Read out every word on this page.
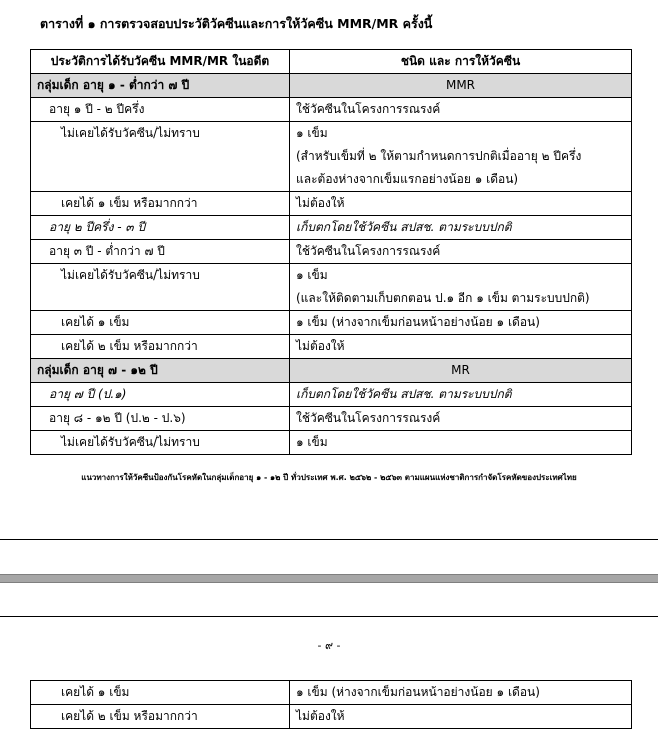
ตารางที่ ๑ การตรวจสอบประวัติวัคซีนและการให้วัคซีน MMR/MR ครั้งนี้
ประวัติการได้รับวัคซีน MMR/MR ในอดีต	ชนิด และ การให้วัคซีน
กลุ่มเด็ก อายุ ๑ - ต่ำกว่า ๗ ปี	MMR

อายุ ๑ ปี - ๒ ปีครึ่ง	ใช้วัคซีนในโครงการรณรงค์

ไม่เคยได้รับวัคซีน/ไม่ทราบ	๑ เข็ม
(สำหรับเข็มที่ ๒ ให้ตามกำหนดการปกติเมื่ออายุ ๒ ปีครึ่ง
และต้องห่างจากเข็มแรกอย่างน้อย ๑ เดือน)

เคยได้ ๑ เข็ม หรือมากกว่า	ไม่ต้องให้

อายุ ๒ ปีครึ่ง - ๓ ปี	เก็บตกโดยใช้วัคซีน สปสช. ตามระบบปกติ

อายุ ๓ ปี - ต่ำกว่า ๗ ปี	ใช้วัคซีนในโครงการรณรงค์

ไม่เคยได้รับวัคซีน/ไม่ทราบ	๑ เข็ม
(และให้ติดตามเก็บตกตอน ป.๑ อีก ๑ เข็ม ตามระบบปกติ)

เคยได้ ๑ เข็ม	๑ เข็ม (ห่างจากเข็มก่อนหน้าอย่างน้อย ๑ เดือน)

เคยได้ ๒ เข็ม หรือมากกว่า	ไม่ต้องให้

กลุ่มเด็ก อายุ ๗ - ๑๒ ปี	MR

อายุ ๗ ปี (ป.๑)	เก็บตกโดยใช้วัคซีน สปสช. ตามระบบปกติ

อายุ ๘ - ๑๒ ปี (ป.๒ - ป.๖)	ใช้วัคซีนในโครงการรณรงค์

ไม่เคยได้รับวัคซีน/ไม่ทราบ	๑ เข็ม
แนวทางการให้วัคซีนป้องกันโรคหัดในกลุ่มเด็กอายุ ๑ - ๑๒ ปี ทั่วประเทศ พ.ศ. ๒๕๖๒ - ๒๕๖๓ ตามแผนแห่งชาติการกำจัดโรคหัดของประเทศไทย
- ๙ -
เคยได้ ๑ เข็ม	๑ เข็ม (ห่างจากเข็มก่อนหน้าอย่างน้อย ๑ เดือน)

เคยได้ ๒ เข็ม หรือมากกว่า	ไม่ต้องให้
